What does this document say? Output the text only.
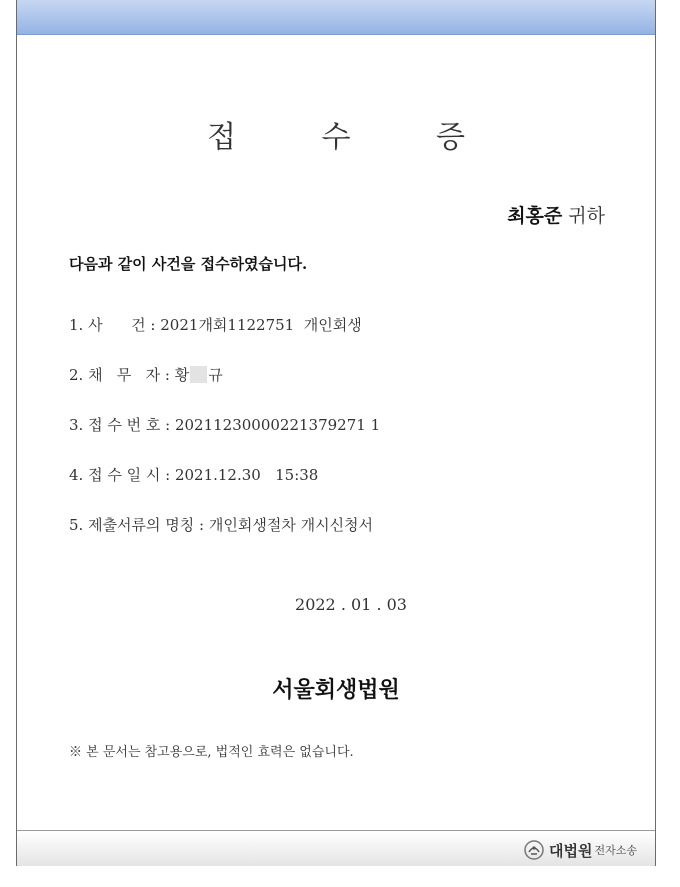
접 수 증
최홍준 귀하
다음과 같이 사건을 접수하였습니다.
1. 사      건 : 2021개회1122751  개인회생
2. 채   무   자 : 황 규
3. 접 수 번 호 : 20211230000221379271 1
4. 접 수 일 시 : 2021.12.30   15:38
5. 제출서류의 명칭 : 개인회생절차 개시신청서
2022 . 01 . 03
서울회생법원
※ 본 문서는 참고용으로, 법적인 효력은 없습니다.
대법원 전자소송
